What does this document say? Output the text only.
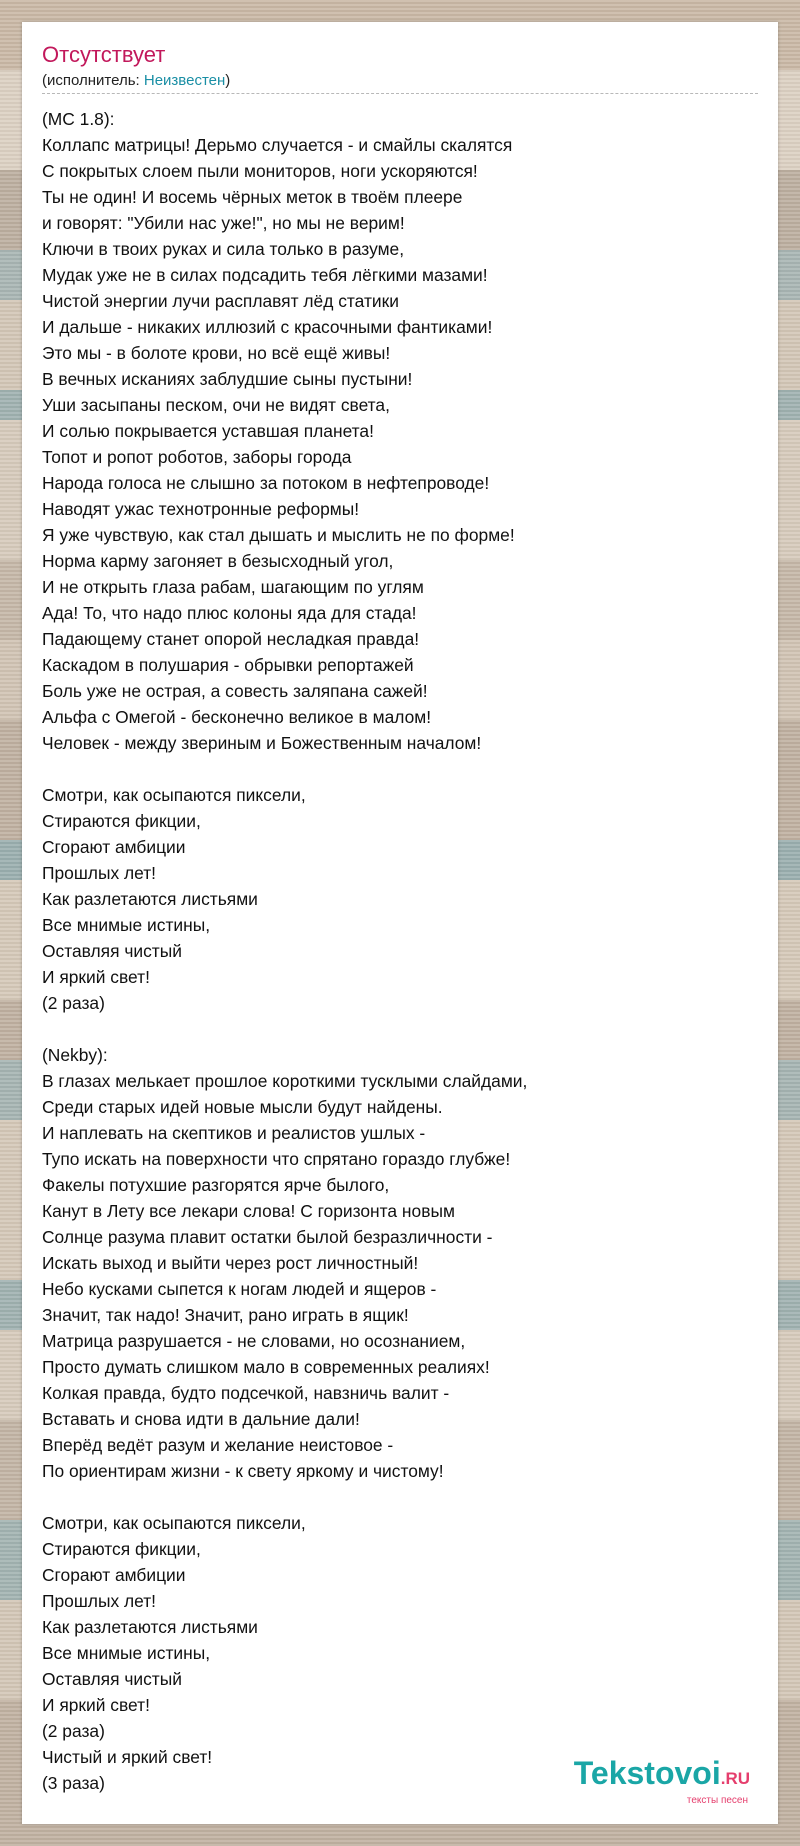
Отсутствует
(исполнитель: Неизвестен)
(MC 1.8):
Коллапс матрицы! Дерьмо случается - и смайлы скалятся
С покрытых слоем пыли мониторов, ноги ускоряются!
Ты не один! И восемь чёрных меток в твоём плеере
и говорят: "Убили нас уже!", но мы не верим!
Ключи в твоих руках и сила только в разуме,
Мудак уже не в силах подсадить тебя лёгкими мазами!
Чистой энергии лучи расплавят лёд статики
И дальше - никаких иллюзий с красочными фантиками!
Это мы - в болоте крови, но всё ещё живы!
В вечных исканиях заблудшие сыны пустыни!
Уши засыпаны песком, очи не видят света,
И солью покрывается уставшая планета!
Топот и ропот роботов, заборы города
Народа голоса не слышно за потоком в нефтепроводе!
Наводят ужас технотронные реформы!
Я уже чувствую, как стал дышать и мыслить не по форме!
Норма карму загоняет в безысходный угол,
И не открыть глаза рабам, шагающим по углям
Ада! То, что надо плюс колоны яда для стада!
Падающему станет опорой несладкая правда!
Каскадом в полушария - обрывки репортажей
Боль уже не острая, а совесть заляпана сажей!
Альфа с Омегой - бесконечно великое в малом!
Человек - между звериным и Божественным началом!

Смотри, как осыпаются пиксели,
Стираются фикции,
Сгорают амбиции
Прошлых лет!
Как разлетаются листьями
Все мнимые истины,
Оставляя чистый
И яркий свет!
(2 раза)

(Nekby):
В глазах мелькает прошлое короткими тусклыми слайдами,
Среди старых идей новые мысли будут найдены.
И наплевать на скептиков и реалистов ушлых -
Тупо искать на поверхности что спрятано гораздо глубже!
Факелы потухшие разгорятся ярче былого,
Канут в Лету все лекари слова! С горизонта новым
Солнце разума плавит остатки былой безразличности -
Искать выход и выйти через рост личностный!
Небо кусками сыпется к ногам людей и ящеров -
Значит, так надо! Значит, рано играть в ящик!
Матрица разрушается - не словами, но осознанием,
Просто думать слишком мало в современных реалиях!
Колкая правда, будто подсечкой, навзничь валит -
Вставать и снова идти в дальние дали!
Вперёд ведёт разум и желание неистовое -
По ориентирам жизни - к свету яркому и чистому!

Смотри, как осыпаются пиксели,
Стираются фикции,
Сгорают амбиции
Прошлых лет!
Как разлетаются листьями
Все мнимые истины,
Оставляя чистый
И яркий свет!
(2 раза)
Чистый и яркий свет!
(3 раза)	Tekstovoi.RU
тексты песен
